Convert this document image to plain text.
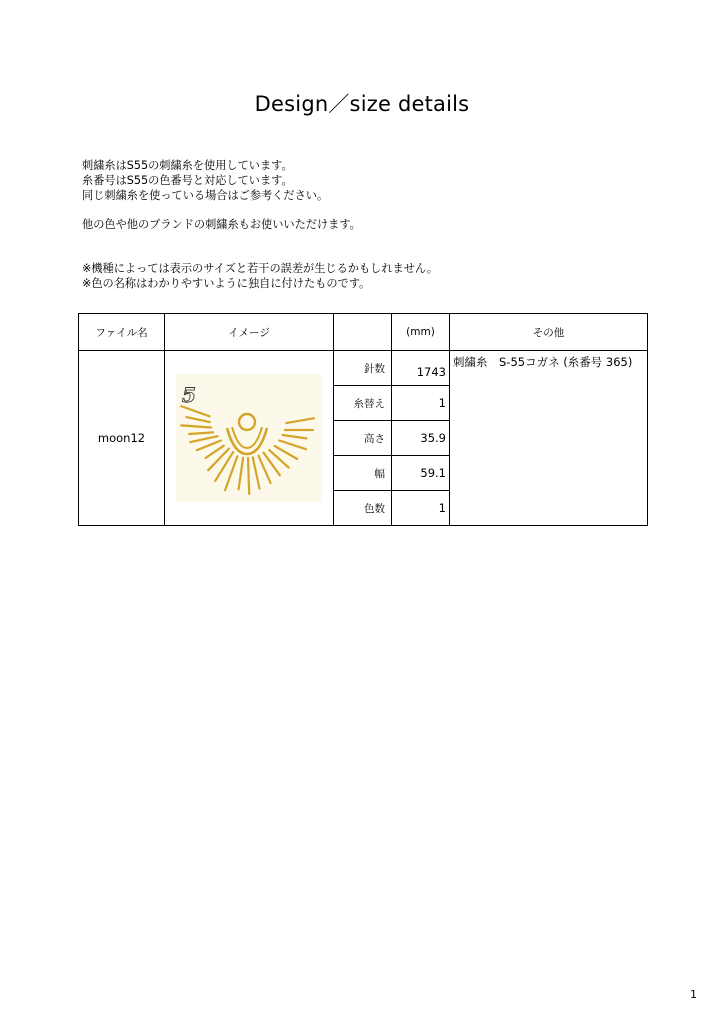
Design／size details
刺繍糸はS55の刺繍糸を使用しています。
糸番号はS55の色番号と対応しています。
同じ刺繍糸を使っている場合はご参考ください。
他の色や他のブランドの刺繍糸もお使いいただけます。
※機種によっては表示のサイズと若干の誤差が生じるかもしれません。
※色の名称はわかりやすいように独自に付けたものです。
ファイル名	イメージ		(mm)	その他
moon12	5	針数	1743	刺繍糸　S-55コガネ (糸番号 365)
		糸替え	1	
		高さ	35.9	
		幅	59.1	
		色数	1	
1
